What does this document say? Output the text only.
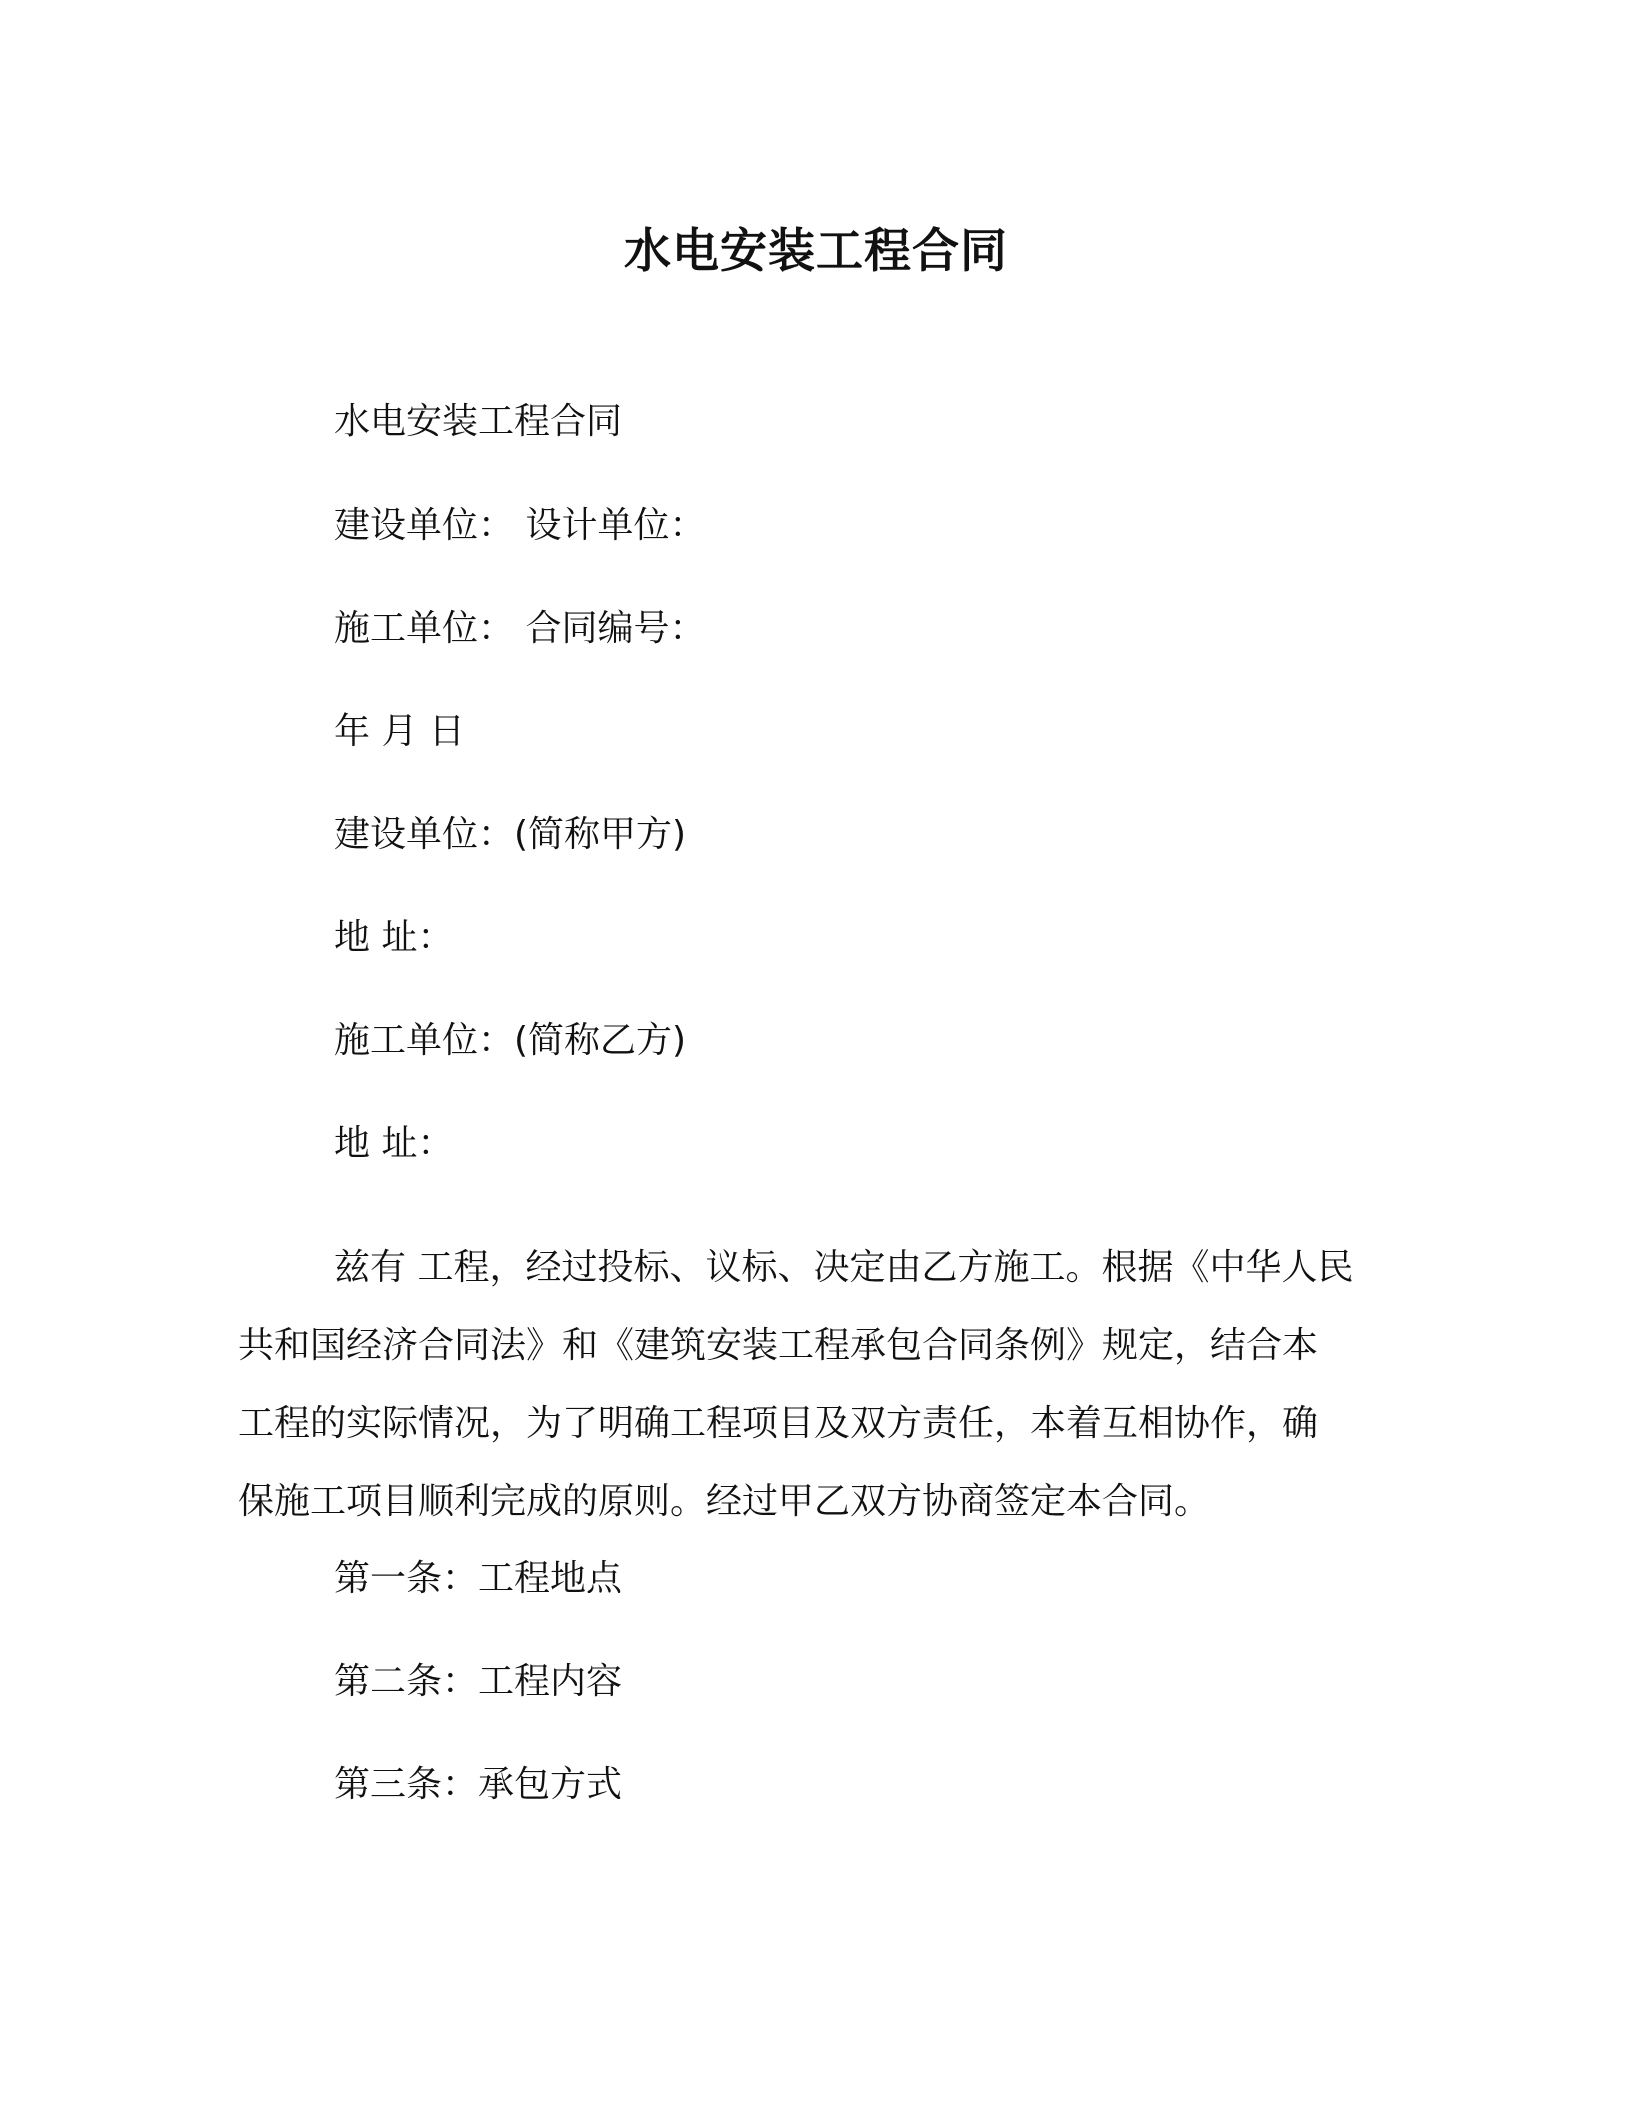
水电安装工程合同

水电安装工程合同

建设单位： 设计单位：

施工单位： 合同编号：

年 月 日

建设单位：(简称甲方)

地 址：

施工单位：(简称乙方)

地 址：

兹有 工程，经过投标、议标、决定由乙方施工。根据《中华人民
共和国经济合同法》和《建筑安装工程承包合同条例》规定，结合本
工程的实际情况，为了明确工程项目及双方责任，本着互相协作，确
保施工项目顺利完成的原则。经过甲乙双方协商签定本合同。

第一条：工程地点

第二条：工程内容

第三条：承包方式
